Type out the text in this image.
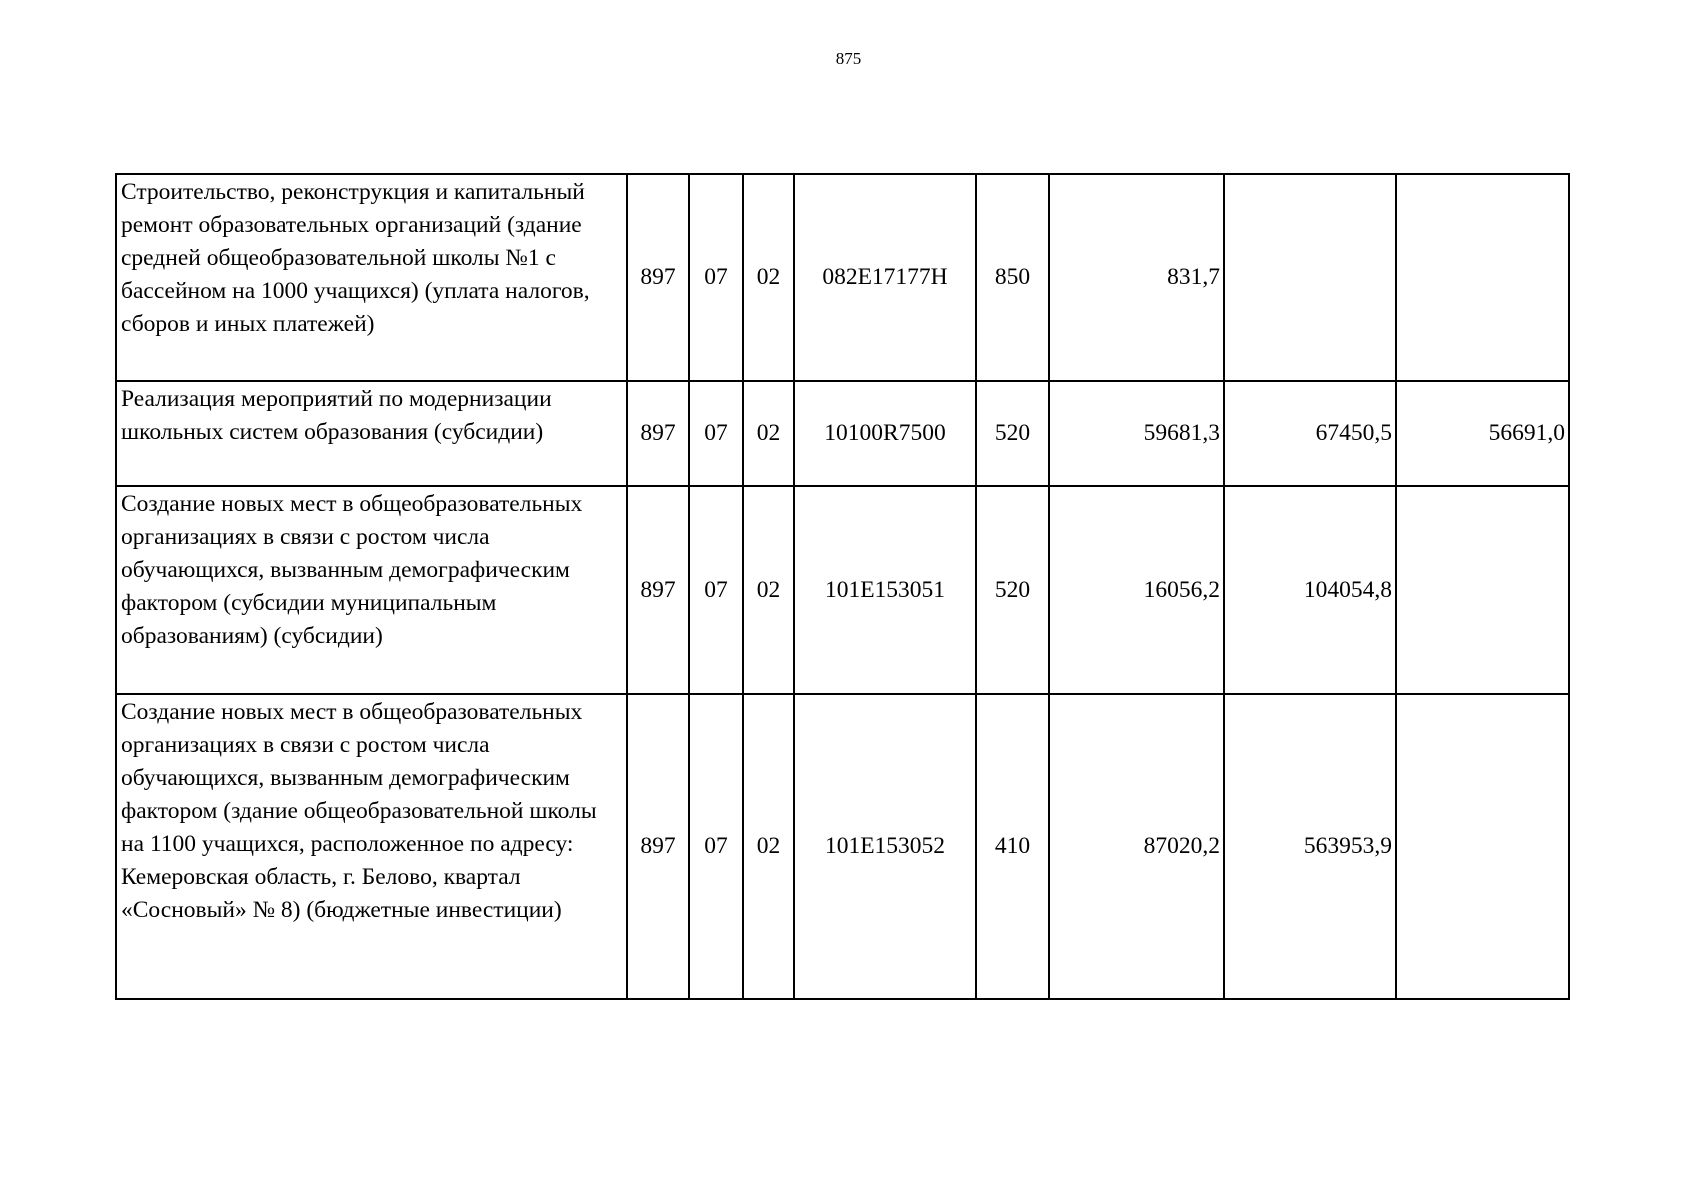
875
Строительство, реконструкция и капитальный ремонт образовательных организаций (здание средней общеобразовательной школы №1 с бассейном на 1000 учащихся) (уплата налогов, сборов и иных платежей)	897	07	02	082E17177Н	850	831,7		
Реализация мероприятий по модернизации школьных систем образования (субсидии)	897	07	02	10100R7500	520	59681,3	67450,5	56691,0
Создание новых мест в общеобразовательных организациях в связи с ростом числа обучающихся, вызванным демографическим фактором (субсидии муниципальным образованиям) (субсидии)	897	07	02	101E153051	520	16056,2	104054,8	
Создание новых мест в общеобразовательных организациях в связи с ростом числа обучающихся, вызванным демографическим фактором (здание общеобразовательной школы на 1100 учащихся, расположенное по адресу: Кемеровская область, г. Белово, квартал «Сосновый» № 8) (бюджетные инвестиции)	897	07	02	101E153052	410	87020,2	563953,9	
